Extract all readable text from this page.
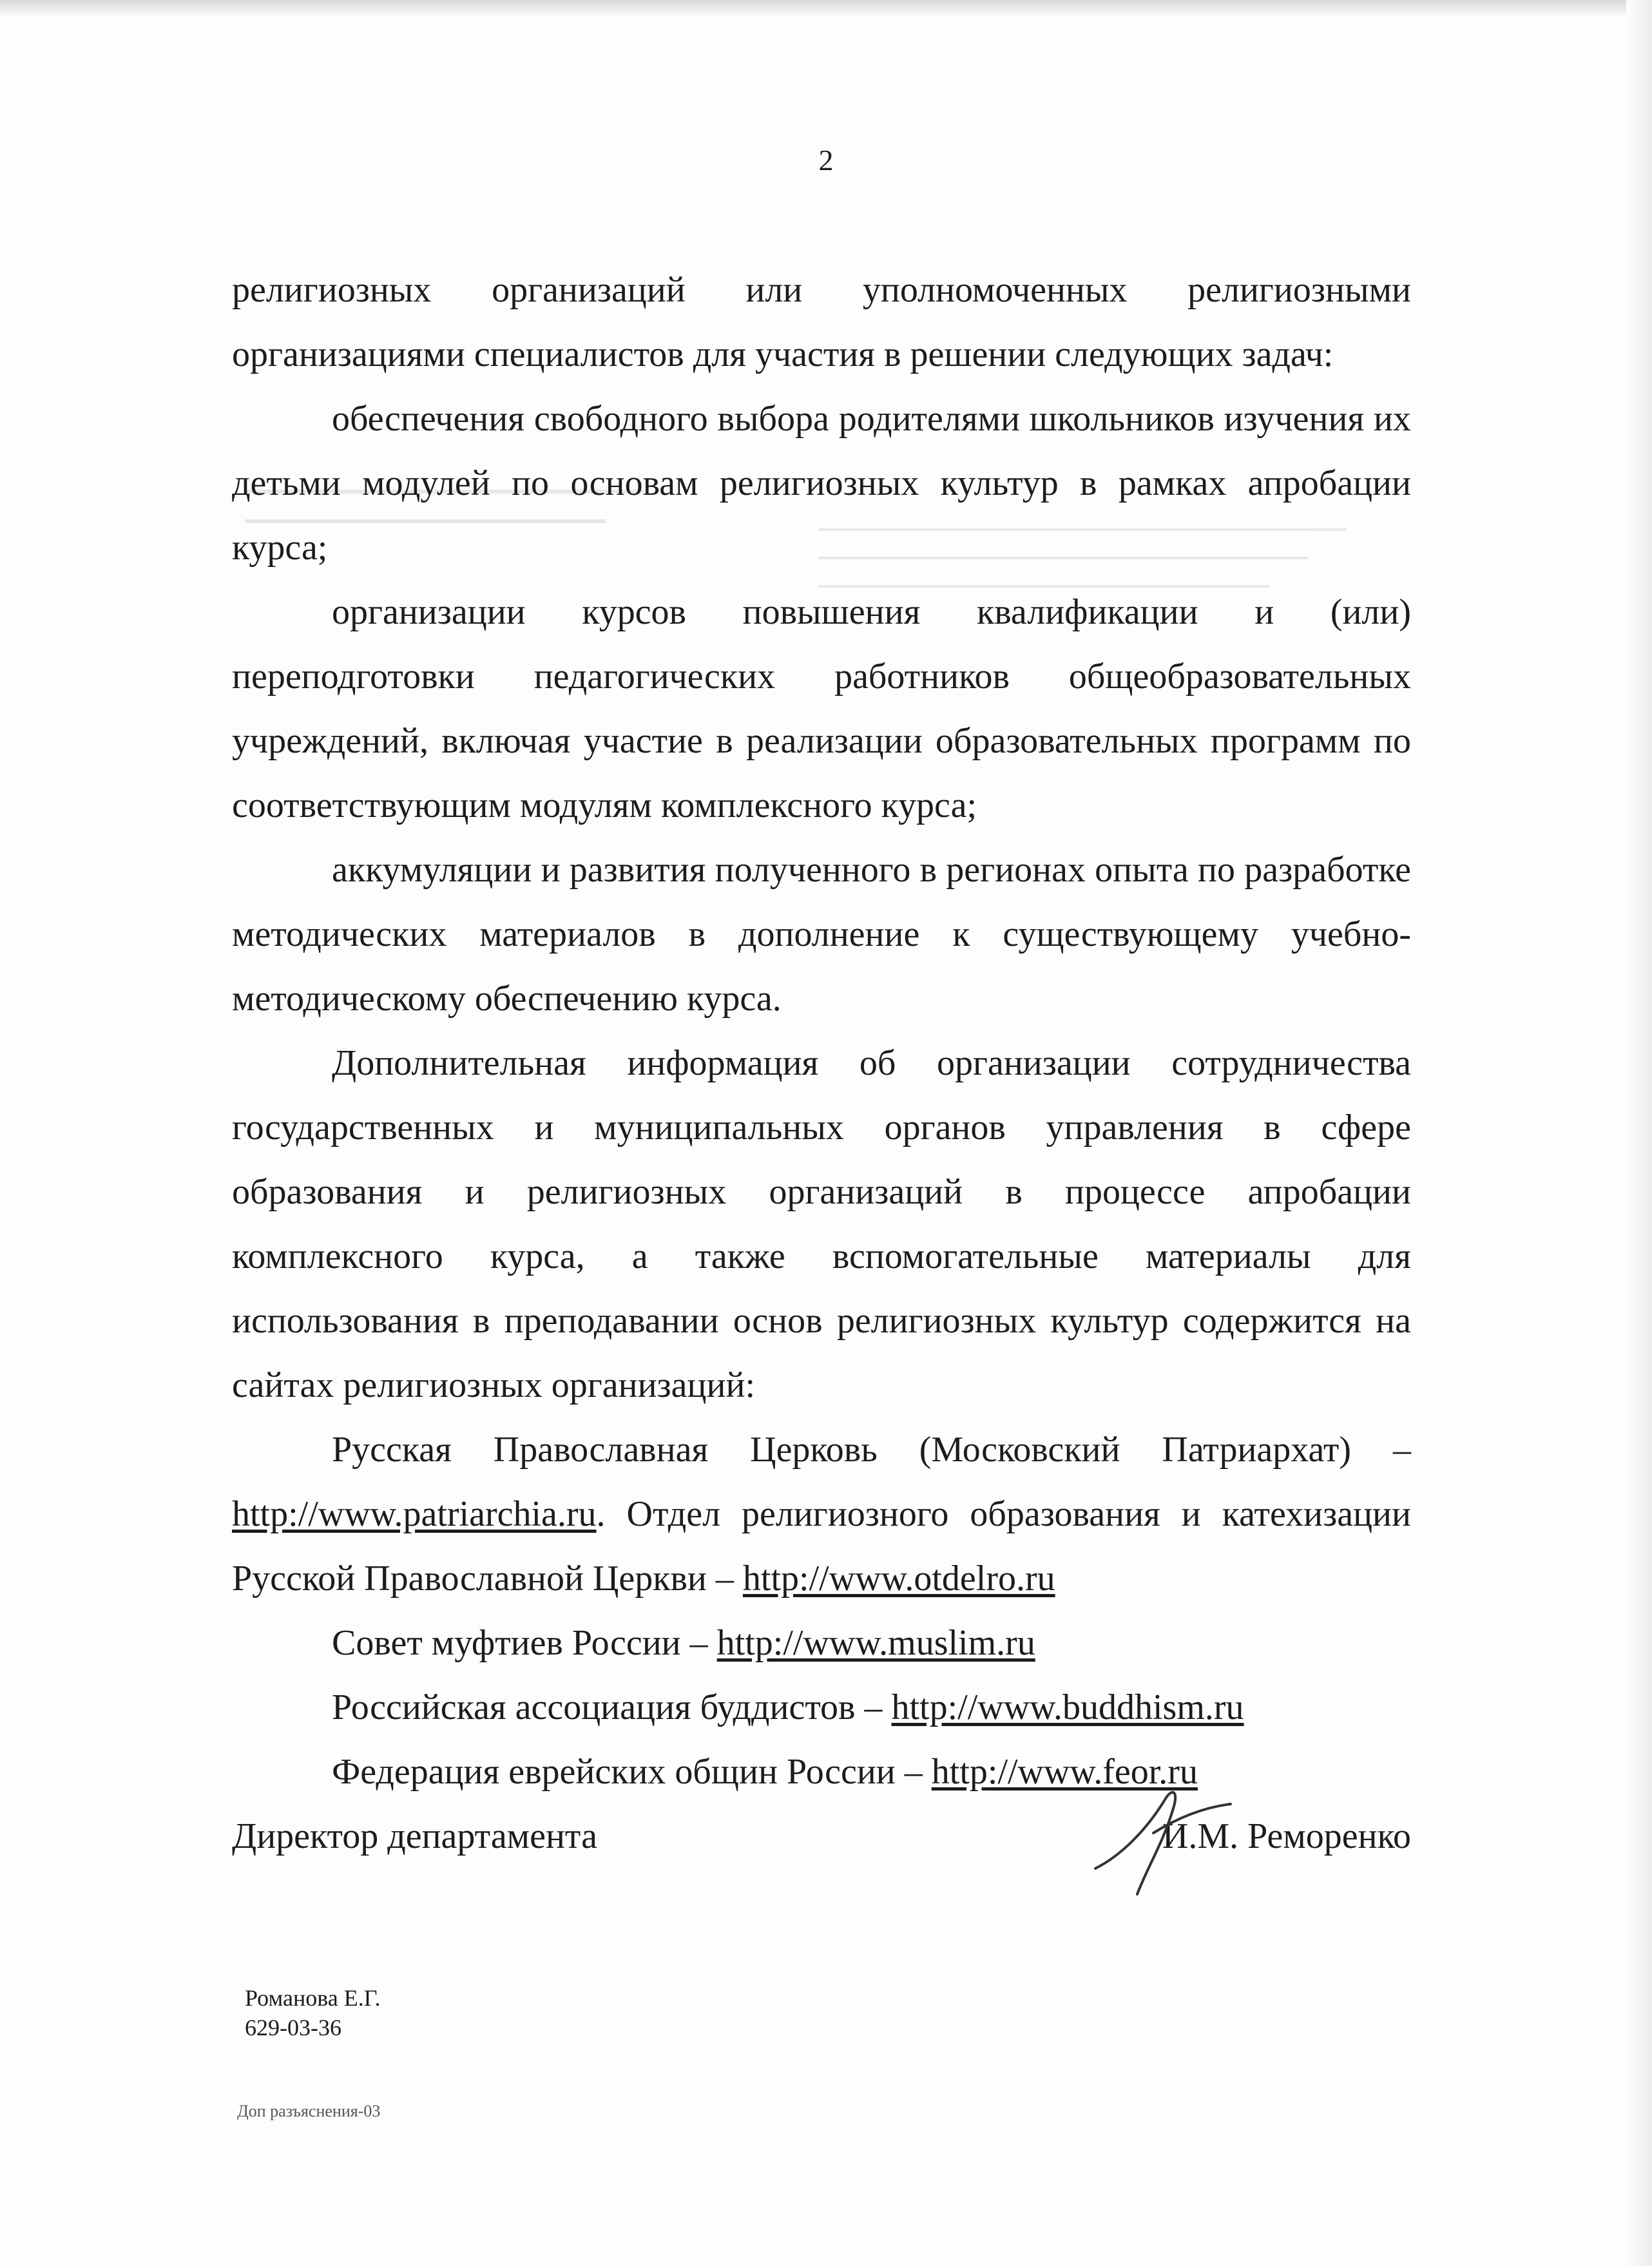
2

религиозных организаций или уполномоченных религиозными организациями специалистов для участия в решении следующих задач:

обеспечения свободного выбора родителями школьников изучения их детьми модулей по основам религиозных культур в рамках апробации курса;

организации курсов повышения квалификации и (или) переподготовки педагогических работников общеобразовательных учреждений, включая участие в реализации образовательных программ по соответствующим модулям комплексного курса;

аккумуляции и развития полученного в регионах опыта по разработке методических материалов в дополнение к существующему учебно-методическому обеспечению курса.

Дополнительная информация об организации сотрудничества государственных и муниципальных органов управления в сфере образования и религиозных организаций в процессе апробации комплексного курса, а также вспомогательные материалы для использования в преподавании основ религиозных культур содержится на сайтах религиозных организаций:

Русская Православная Церковь (Московский Патриархат) – http://www.patriarchia.ru. Отдел религиозного образования и катехизации Русской Православной Церкви – http://www.otdelro.ru

Совет муфтиев России – http://www.muslim.ru

Российская ассоциация буддистов – http://www.buddhism.ru

Федерация еврейских общин России – http://www.feor.ru

Директор департамента	И.М. Реморенко
Романова Е.Г.
629-03-36
Доп разъяснения-03
